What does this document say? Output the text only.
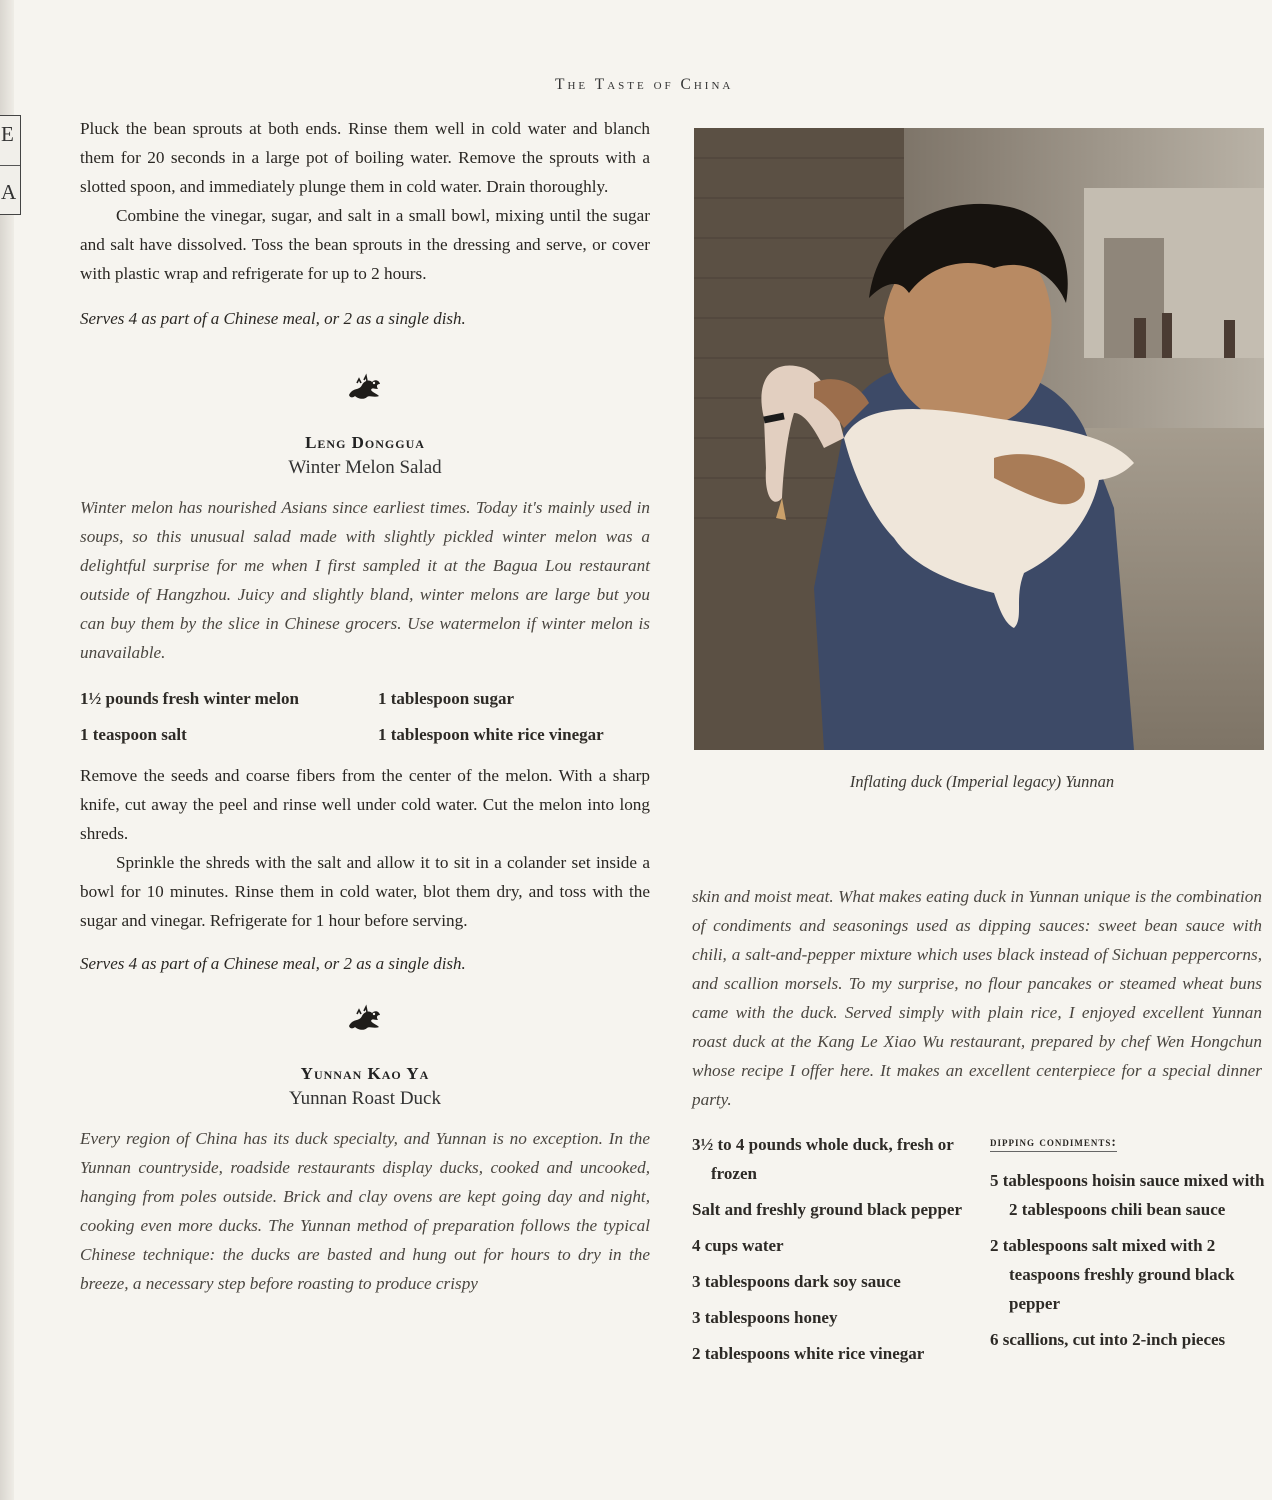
E
A
The Taste of China

Pluck the bean sprouts at both ends. Rinse them well in cold water and blanch them for 20 seconds in a large pot of boiling water. Remove the sprouts with a slotted spoon, and immediately plunge them in cold water. Drain thoroughly.

Combine the vinegar, sugar, and salt in a small bowl, mixing until the sugar and salt have dissolved. Toss the bean sprouts in the dressing and serve, or cover with plastic wrap and refrigerate for up to 2 hours.

Serves 4 as part of a Chinese meal, or 2 as a single dish.

Leng Donggua
Winter Melon Salad

Winter melon has nourished Asians since earliest times. Today it's mainly used in soups, so this unusual salad made with slightly pickled winter melon was a delightful surprise for me when I first sampled it at the Bagua Lou restaurant outside of Hangzhou. Juicy and slightly bland, winter melons are large but you can buy them by the slice in Chinese grocers. Use watermelon if winter melon is unavailable.

1½ pounds fresh winter melon	1 tablespoon sugar
1 teaspoon salt	1 tablespoon white rice vinegar

Remove the seeds and coarse fibers from the center of the melon. With a sharp knife, cut away the peel and rinse well under cold water. Cut the melon into long shreds.

Sprinkle the shreds with the salt and allow it to sit in a colander set inside a bowl for 10 minutes. Rinse them in cold water, blot them dry, and toss with the sugar and vinegar. Refrigerate for 1 hour before serving.

Serves 4 as part of a Chinese meal, or 2 as a single dish.

Yunnan Kao Ya
Yunnan Roast Duck

Every region of China has its duck specialty, and Yunnan is no exception. In the Yunnan countryside, roadside restaurants display ducks, cooked and uncooked, hanging from poles outside. Brick and clay ovens are kept going day and night, cooking even more ducks. The Yunnan method of preparation follows the typical Chinese technique: the ducks are basted and hung out for hours to dry in the breeze, a necessary step before roasting to produce crispy

Inflating duck (Imperial legacy) Yunnan

skin and moist meat. What makes eating duck in Yunnan unique is the combination of condiments and seasonings used as dipping sauces: sweet bean sauce with chili, a salt-and-pepper mixture which uses black instead of Sichuan peppercorns, and scallion morsels. To my surprise, no flour pancakes or steamed wheat buns came with the duck. Served simply with plain rice, I enjoyed excellent Yunnan roast duck at the Kang Le Xiao Wu restaurant, prepared by chef Wen Hongchun whose recipe I offer here. It makes an excellent centerpiece for a special dinner party.

3½ to 4 pounds whole duck, fresh or frozen
Salt and freshly ground black pepper
4 cups water
3 tablespoons dark soy sauce
3 tablespoons honey
2 tablespoons white rice vinegar
dipping condiments:
5 tablespoons hoisin sauce mixed with 2 tablespoons chili bean sauce
2 tablespoons salt mixed with 2 teaspoons freshly ground black pepper
6 scallions, cut into 2-inch pieces
